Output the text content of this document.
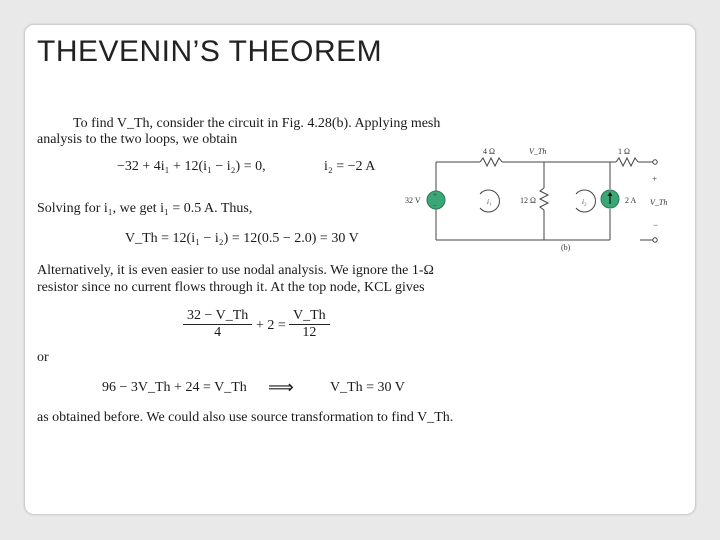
THEVENIN’S THEOREM
To find V_Th, consider the circuit in Fig. 4.28(b). Applying mesh
analysis to the two loops, we obtain
−32 + 4i₁ + 12(i₁ − i₂) = 0,	i₂ = −2 A
Solving for i₁, we get i₁ = 0.5 A. Thus,
V_Th = 12(i₁ − i₂) = 12(0.5 − 2.0) = 30 V
Alternatively, it is even easier to use nodal analysis. We ignore the 1-Ω
resistor since no current flows through it. At the top node, KCL gives
$\frac{32 - V\_Th}{4} + 2 = \frac{V\_Th}{12}$
or
96 − 3V_Th + 24 = V_Th ⟹	V_Th = 30 V
as obtained before. We could also use source transformation to find V_Th.
4 Ω	V_Th	1 Ω
+
−
32 V	i₁	12 Ω	i₂	2 A
+
V_Th
−
(b)
